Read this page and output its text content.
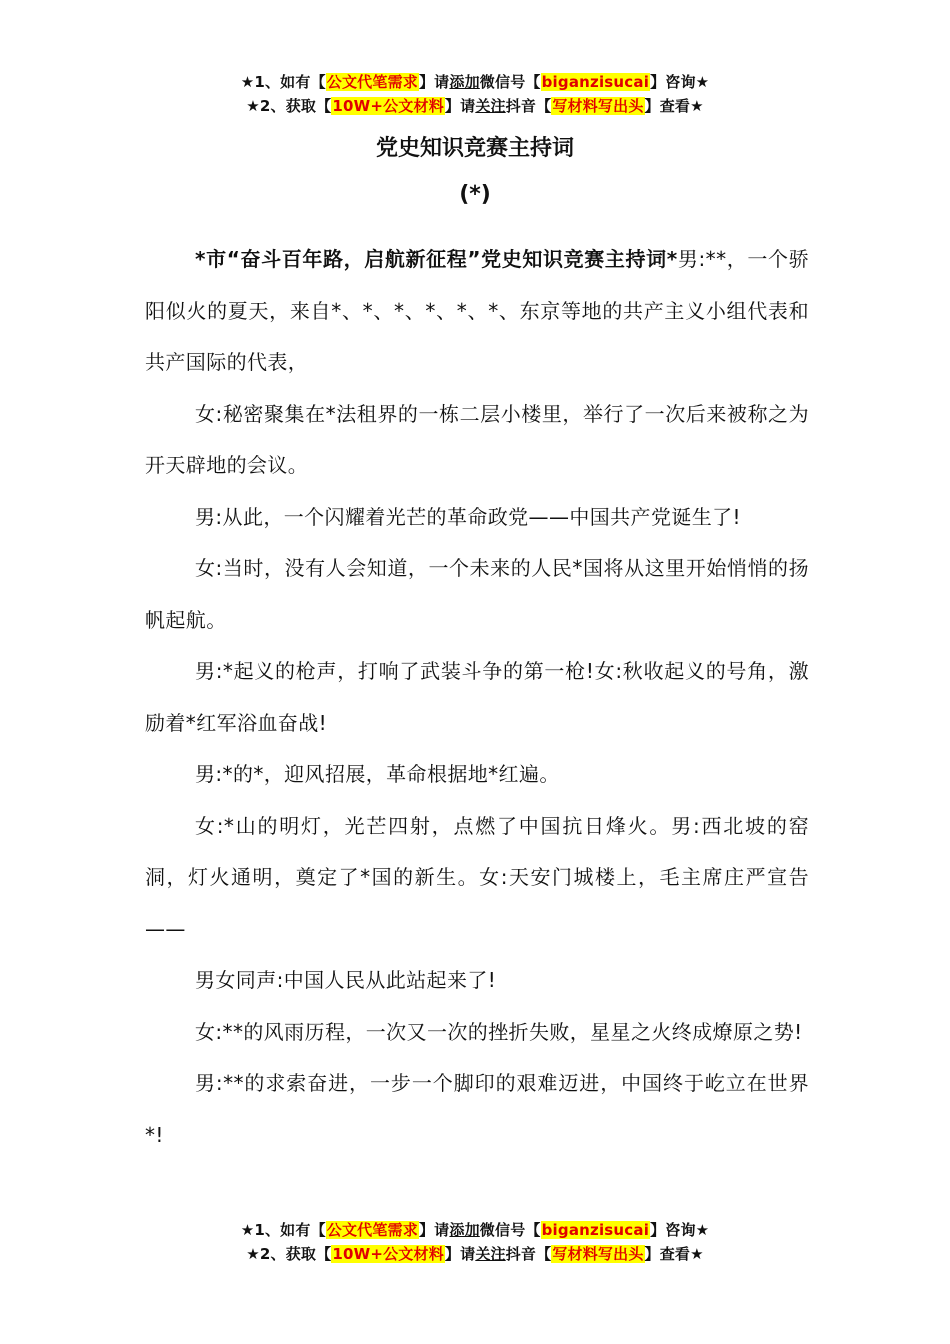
★1、如有【公文代笔需求】请添加微信号【biganzisucai】咨询★
★2、获取【10W+公文材料】请关注抖音【写材料写出头】查看★
党史知识竞赛主持词
(*)

*市“奋斗百年路，启航新征程”党史知识竞赛主持词*男:**，一个骄阳似火的夏天，来自*、*、*、*、*、*、东京等地的共产主义小组代表和共产国际的代表，

女:秘密聚集在*法租界的一栋二层小楼里，举行了一次后来被称之为开天辟地的会议。

男:从此，一个闪耀着光芒的革命政党——中国共产党诞生了!

女:当时，没有人会知道，一个未来的人民*国将从这里开始悄悄的扬帆起航。

男:*起义的枪声，打响了武装斗争的第一枪!女:秋收起义的号角，激励着*红军浴血奋战!

男:*的*，迎风招展，革命根据地*红遍。

女:*山的明灯，光芒四射，点燃了中国抗日烽火。男:西北坡的窑洞，灯火通明，奠定了*国的新生。女:天安门城楼上，毛主席庄严宣告——

男女同声:中国人民从此站起来了!

女:**的风雨历程，一次又一次的挫折失败，星星之火终成燎原之势!

男:**的求索奋进，一步一个脚印的艰难迈进，中国终于屹立在世界*!

★1、如有【公文代笔需求】请添加微信号【biganzisucai】咨询★
★2、获取【10W+公文材料】请关注抖音【写材料写出头】查看★
